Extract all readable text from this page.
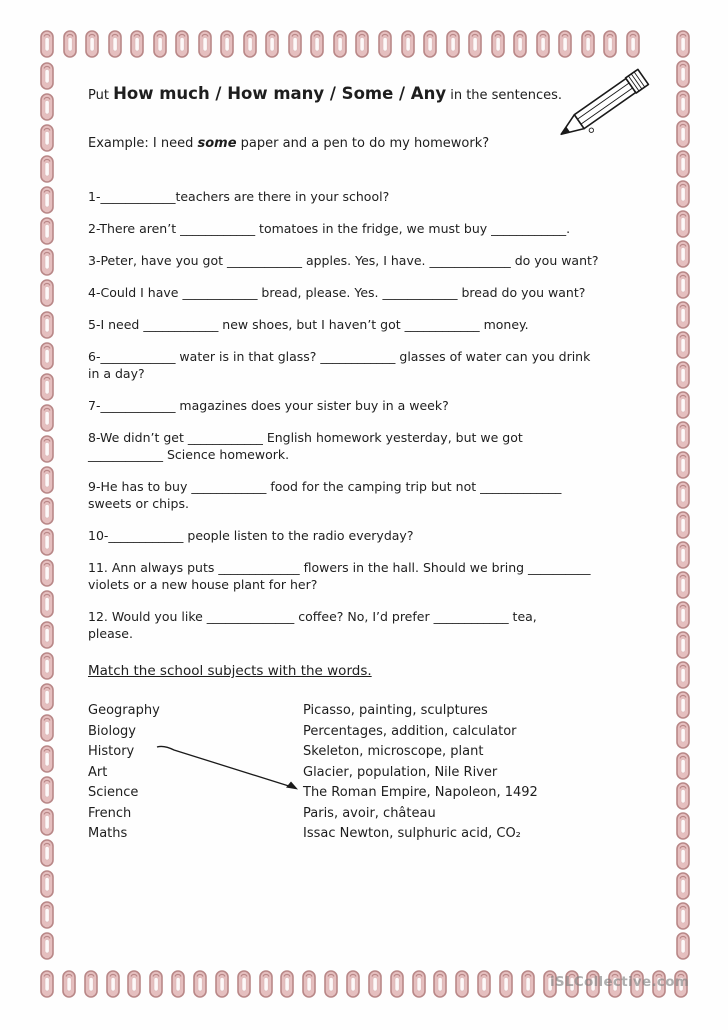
Put How much / How many / Some / Any in the sentences.

Example: I need some paper and a pen to do my homework?

1-____________teachers are there in your school?

2-There aren’t ____________ tomatoes in the fridge, we must buy ____________.

3-Peter, have you got ____________ apples. Yes, I have. _____________ do you want?

4-Could I have ____________ bread, please. Yes. ____________ bread do you want?

5-I need ____________ new shoes, but I haven’t got ____________ money.

6-____________ water is in that glass? ____________ glasses of water can you drink
in a day?

7-____________ magazines does your sister buy in a week?

8-We didn’t get ____________ English homework yesterday, but we got
____________ Science homework.

9-He has to buy ____________ food for the camping trip but not _____________
sweets or chips.

10-____________ people listen to the radio everyday?

11. Ann always puts _____________ flowers in the hall. Should we bring __________
violets or a new house plant for her?

12. Would you like ______________ coffee? No, I’d prefer ____________ tea,
please.

Match the school subjects with the words.

Geography	Picasso, painting, sculptures
Biology	Percentages, addition, calculator
History	Skeleton, microscope, plant
Art	Glacier, population, Nile River
Science	The Roman Empire, Napoleon, 1492
French	Paris, avoir, château
Maths	Issac Newton, sulphuric acid, CO₂
iSLCollective.com
